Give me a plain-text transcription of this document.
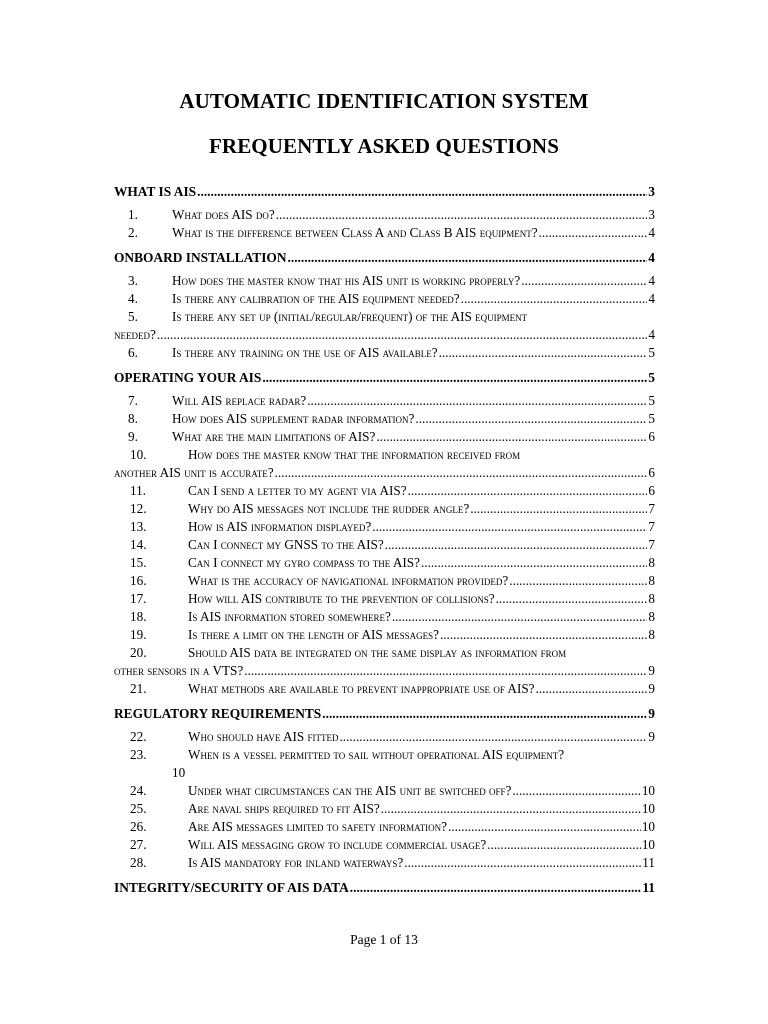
AUTOMATIC IDENTIFICATION SYSTEM
FREQUENTLY ASKED QUESTIONS
WHAT IS AIS .....	3
1.	What does AIS do? .....	3
2.	What is the difference between Class A and Class B AIS equipment? .....	4
ONBOARD INSTALLATION .....	4
3.	How does the master know that his AIS unit is working properly? .....	4
4.	Is there any calibration of the AIS equipment needed? .....	4
5.	Is there any set up (initial/regular/frequent) of the AIS equipment
needed? .....	4
6.	Is there any training on the use of AIS available? .....	5
OPERATING YOUR AIS .....	5
7.	Will AIS replace radar? .....	5
8.	How does AIS supplement radar information? .....	5
9.	What are the main limitations of AIS? .....	6
10.	How does the master know that the information received from
another AIS unit is accurate? .....	6
11.	Can I send a letter to my agent via AIS? .....	6
12.	Why do AIS messages not include the rudder angle? .....	7
13.	How is AIS information displayed? .....	7
14.	Can I connect my GNSS to the AIS? .....	7
15.	Can I connect my gyro compass to the AIS? .....	8
16.	What is the accuracy of navigational information provided? .....	8
17.	How will AIS contribute to the prevention of collisions? .....	8
18.	Is AIS information stored somewhere? .....	8
19.	Is there a limit on the length of AIS messages? .....	8
20.	Should AIS data be integrated on the same display as information from
other sensors in a VTS? .....	9
21.	What methods are available to prevent inappropriate use of AIS? .....	9
REGULATORY REQUIREMENTS .....	9
22.	Who should have AIS fitted .....	9
23.	When is a vessel permitted to sail without operational AIS equipment?
10
24.	Under what circumstances can the AIS unit be switched off? .....	10
25.	Are naval ships required to fit AIS? .....	10
26.	Are AIS messages limited to safety information? .....	10
27.	Will AIS messaging grow to include commercial usage? .....	10
28.	Is AIS mandatory for inland waterways? .....	11
INTEGRITY/SECURITY OF AIS DATA .....	11
Page 1 of 13
